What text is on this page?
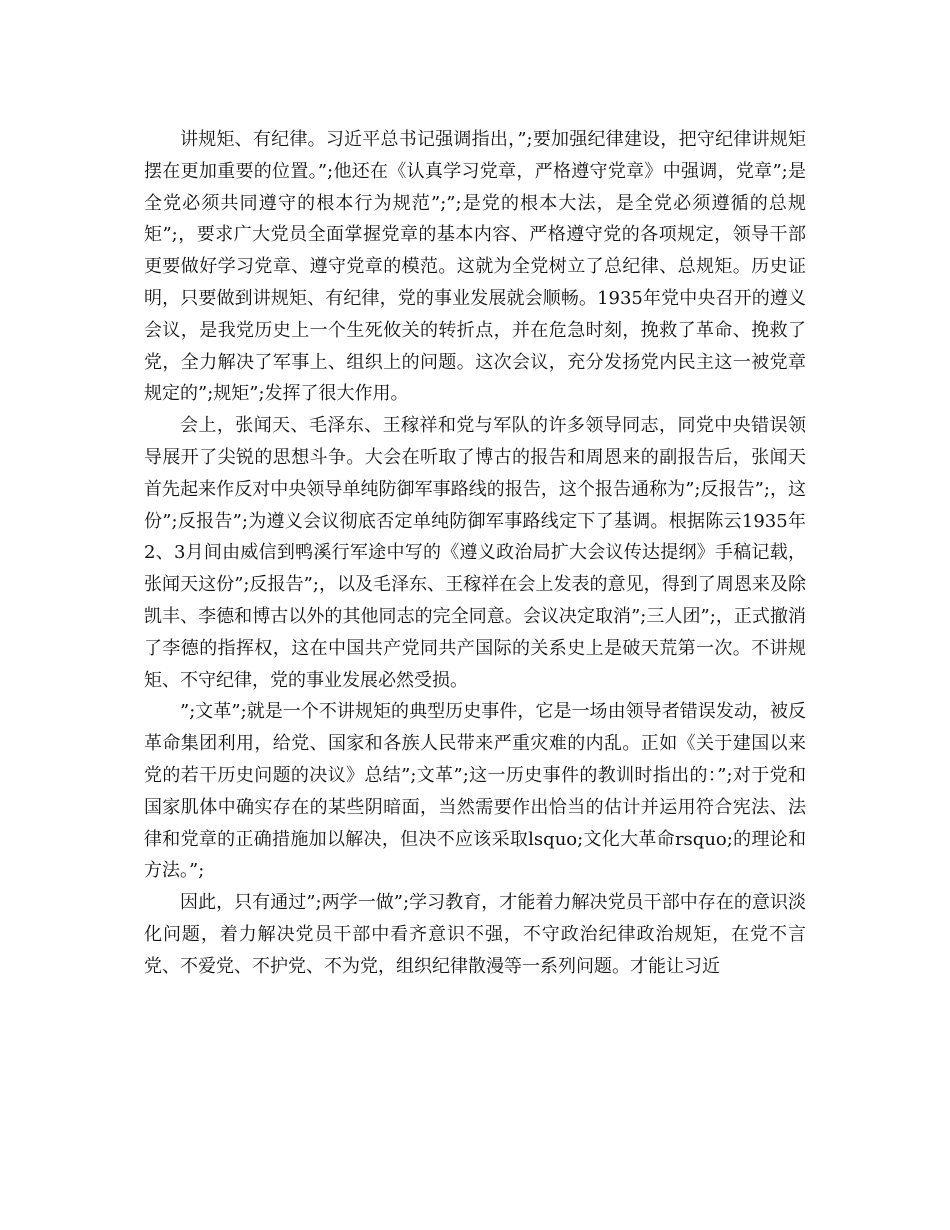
讲规矩、有纪律。习近平总书记强调指出，”;要加强纪律建设，把守纪律讲规矩摆在更加重要的位置。”;他还在《认真学习党章，严格遵守党章》中强调，党章”;是全党必须共同遵守的根本行为规范”;”;是党的根本大法，是全党必须遵循的总规矩”;，要求广大党员全面掌握党章的基本内容、严格遵守党的各项规定，领导干部更要做好学习党章、遵守党章的模范。这就为全党树立了总纪律、总规矩。历史证明，只要做到讲规矩、有纪律，党的事业发展就会顺畅。1935年党中央召开的遵义会议，是我党历史上一个生死攸关的转折点，并在危急时刻，挽救了革命、挽救了党，全力解决了军事上、组织上的问题。这次会议，充分发扬党内民主这一被党章规定的”;规矩”;发挥了很大作用。

会上，张闻天、毛泽东、王稼祥和党与军队的许多领导同志，同党中央错误领导展开了尖锐的思想斗争。大会在听取了博古的报告和周恩来的副报告后，张闻天首先起来作反对中央领导单纯防御军事路线的报告，这个报告通称为”;反报告”;，这份”;反报告”;为遵义会议彻底否定单纯防御军事路线定下了基调。根据陈云1935年2、3月间由威信到鸭溪行军途中写的《遵义政治局扩大会议传达提纲》手稿记载，张闻天这份”;反报告”;，以及毛泽东、王稼祥在会上发表的意见，得到了周恩来及除凯丰、李德和博古以外的其他同志的完全同意。会议决定取消”;三人团”;，正式撤消了李德的指挥权，这在中国共产党同共产国际的关系史上是破天荒第一次。不讲规矩、不守纪律，党的事业发展必然受损。

”;文革”;就是一个不讲规矩的典型历史事件，它是一场由领导者错误发动，被反革命集团利用，给党、国家和各族人民带来严重灾难的内乱。正如《关于建国以来党的若干历史问题的决议》总结”;文革”;这一历史事件的教训时指出的：”;对于党和国家肌体中确实存在的某些阴暗面，当然需要作出恰当的估计并运用符合宪法、法律和党章的正确措施加以解决，但决不应该采取lsquo;文化大革命rsquo;的理论和方法。”;

因此，只有通过”;两学一做”;学习教育，才能着力解决党员干部中存在的意识淡化问题，着力解决党员干部中看齐意识不强，不守政治纪律政治规矩，在党不言党、不爱党、不护党、不为党，组织纪律散漫等一系列问题。才能让习近
